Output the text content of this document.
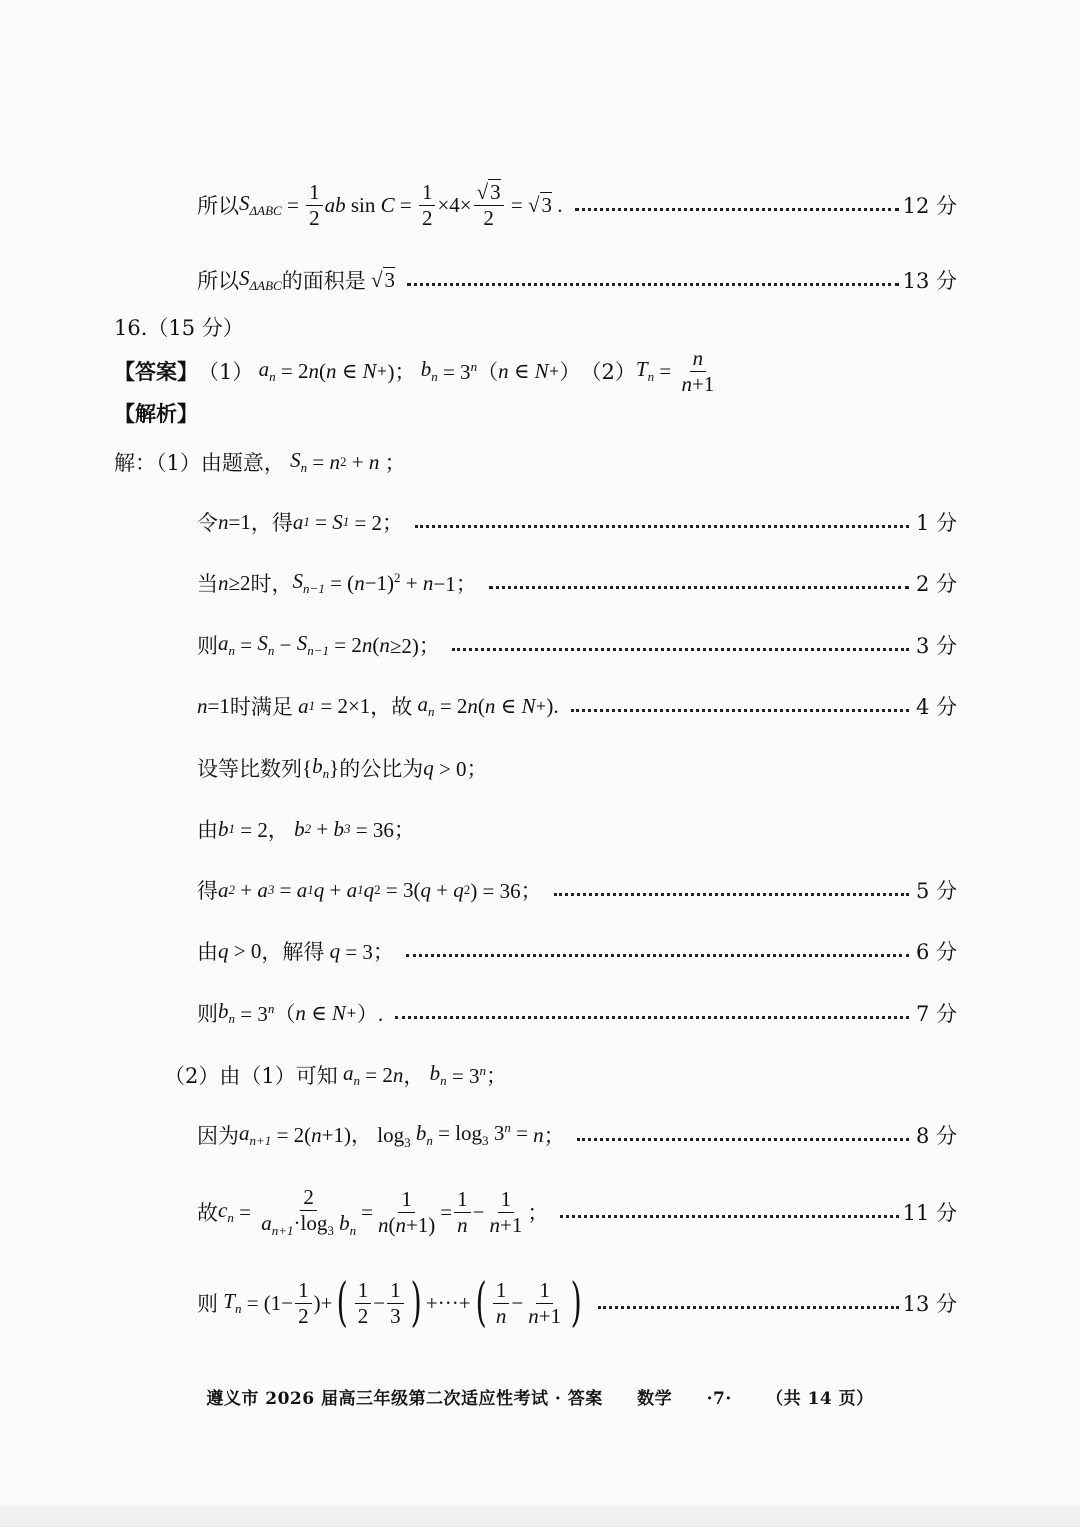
所以 $S_{\Delta ABC} = \frac{1}{2}$ ab $\sin C = \frac{1}{2} \times 4\times \frac{√3}{2} = √3$ .	12 分
所以 $S_{\Delta ABC}$ 的面积是 √3	13 分
16.（15 分）
【答案】 （1） $a_n = 2$ n ( n ∈ N + )； $b_n = 3^n$（ n ∈ N + ） （2） $T_n = \frac{n}{n+1}$
【解析】
解：（1）由题意， $S_n = n$ 2 + n ；
令 n =1 ，得 a 1 = S 1 = 2；	1 分
当 n ≥2 时， $S_{n-1}$ = ( n −1)$^2$ + n −1；	2 分
则 $a_n = S_n - S_{n-1} = 2$ n ( n ≥2)；	3 分
n =1 时满足 a 1 = 2×1 ，故 $a_n = 2$ n ( n ∈ N + ).	4 分
设等比数列 { $b_n$ } 的公比为 q > 0；
由 b 1 = 2， b 2 + b 3 = 36；
得 a 2 + a 3 = a 1 q + a 1 q 2 = 3( q + q 2 ) = 36；	5 分
由 q > 0 ，解得 q = 3；	6 分
则 $b_n = 3^n$（ n ∈ N + ）.	7 分
（2）由（1）可知 $a_n = 2$ n ， $b_n = 3^n$；
因为 $a_{n+1} = 2$( n +1)， $\log_3 b_n = \log_3 3^n = n$ ；	8 分
故 $c_n = \frac{2}{a_{n+1}\cdot\log_3 b_n} = \frac{1}{n(n+1)} = \frac{1}{n} - \frac{1}{n+1}$ ；	11 分
则 $T_n = (1- \frac{1}{2}$ )+ ( $\frac{1}{2} - \frac{1}{3}$ ) +···+ ( $\frac{1}{n} - \frac{1}{n+1}$ )	13 分
遵义市 2026 届高三年级第二次适应性考试 · 答案 数学 ·7· （共 14 页）
